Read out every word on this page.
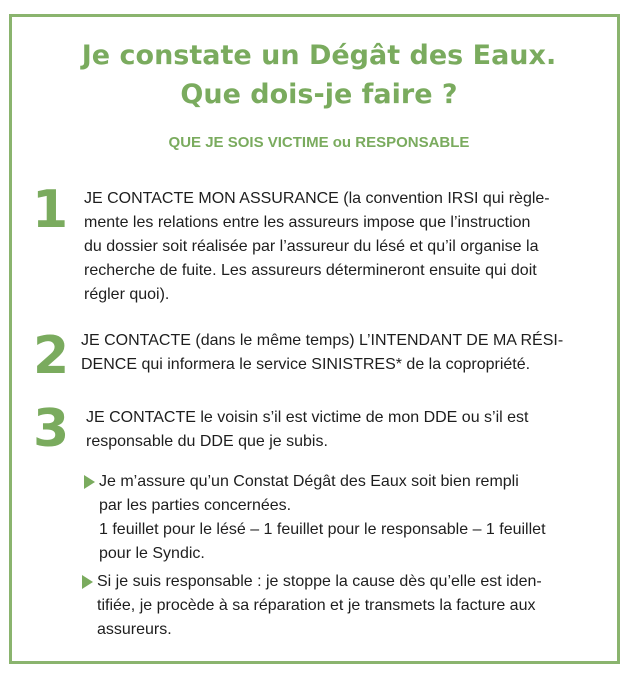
Je constate un Dégât des Eaux.
Que dois-je faire ?
QUE JE SOIS VICTIME ou RESPONSABLE
1 JE CONTACTE MON ASSURANCE (la convention IRSI qui règle-
mente les relations entre les assureurs impose que l’instruction
du dossier soit réalisée par l’assureur du lésé et qu’il organise la
recherche de fuite. Les assureurs détermineront ensuite qui doit
régler quoi).
2 JE CONTACTE (dans le même temps) L’INTENDANT DE MA RÉSI-
DENCE qui informera le service SINISTRES* de la copropriété.
3 JE CONTACTE le voisin s’il est victime de mon DDE ou s’il est
responsable du DDE que je subis.
Je m’assure qu’un Constat Dégât des Eaux soit bien rempli
par les parties concernées.
1 feuillet pour le lésé – 1 feuillet pour le responsable – 1 feuillet
pour le Syndic.
Si je suis responsable : je stoppe la cause dès qu’elle est iden-
tifiée, je procède à sa réparation et je transmets la facture aux
assureurs.
